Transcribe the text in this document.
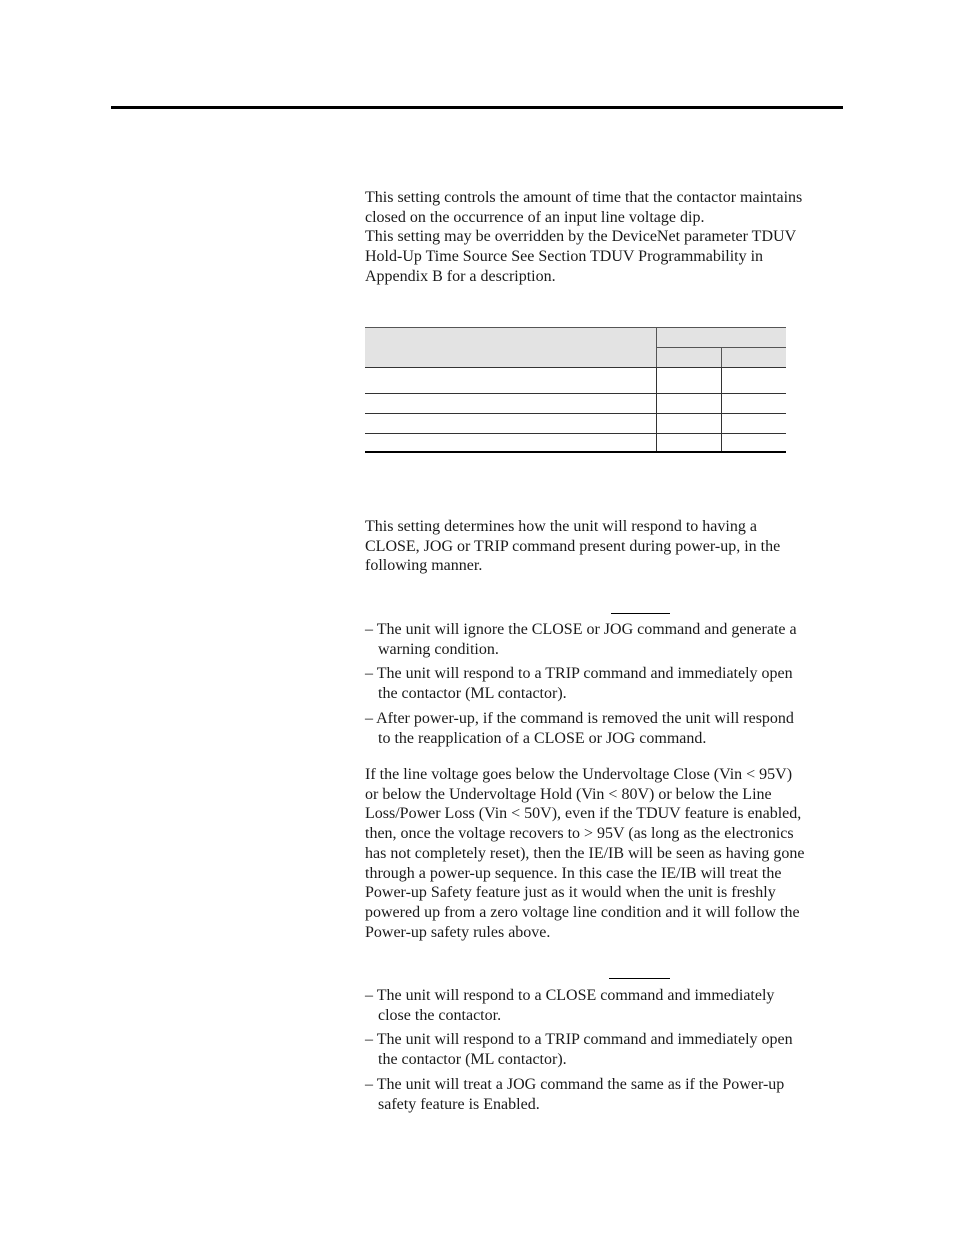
This setting controls the amount of time that the contactor maintains

closed on the occurrence of an input line voltage dip.

This setting may be overridden by the DeviceNet parameter TDUV

Hold-Up Time Source See Section TDUV Programmability in

Appendix B for a description.

This setting determines how the unit will respond to having a

CLOSE, JOG or TRIP command present during power-up, in the

following manner.

– The unit will ignore the CLOSE or JOG command and generate a
warning condition.
– The unit will respond to a TRIP command and immediately open
the contactor (ML contactor).
– After power-up, if the command is removed the unit will respond
to the reapplication of a CLOSE or JOG command.

If the line voltage goes below the Undervoltage Close (Vin < 95V)

or below the Undervoltage Hold (Vin < 80V) or below the Line

Loss/Power Loss (Vin < 50V), even if the TDUV feature is enabled,

then, once the voltage recovers to > 95V (as long as the electronics

has not completely reset), then the IE/IB will be seen as having gone

through a power-up sequence. In this case the IE/IB will treat the

Power-up Safety feature just as it would when the unit is freshly

powered up from a zero voltage line condition and it will follow the

Power-up safety rules above.

– The unit will respond to a CLOSE command and immediately
close the contactor.
– The unit will respond to a TRIP command and immediately open
the contactor (ML contactor).
– The unit will treat a JOG command the same as if the Power-up
safety feature is Enabled.
